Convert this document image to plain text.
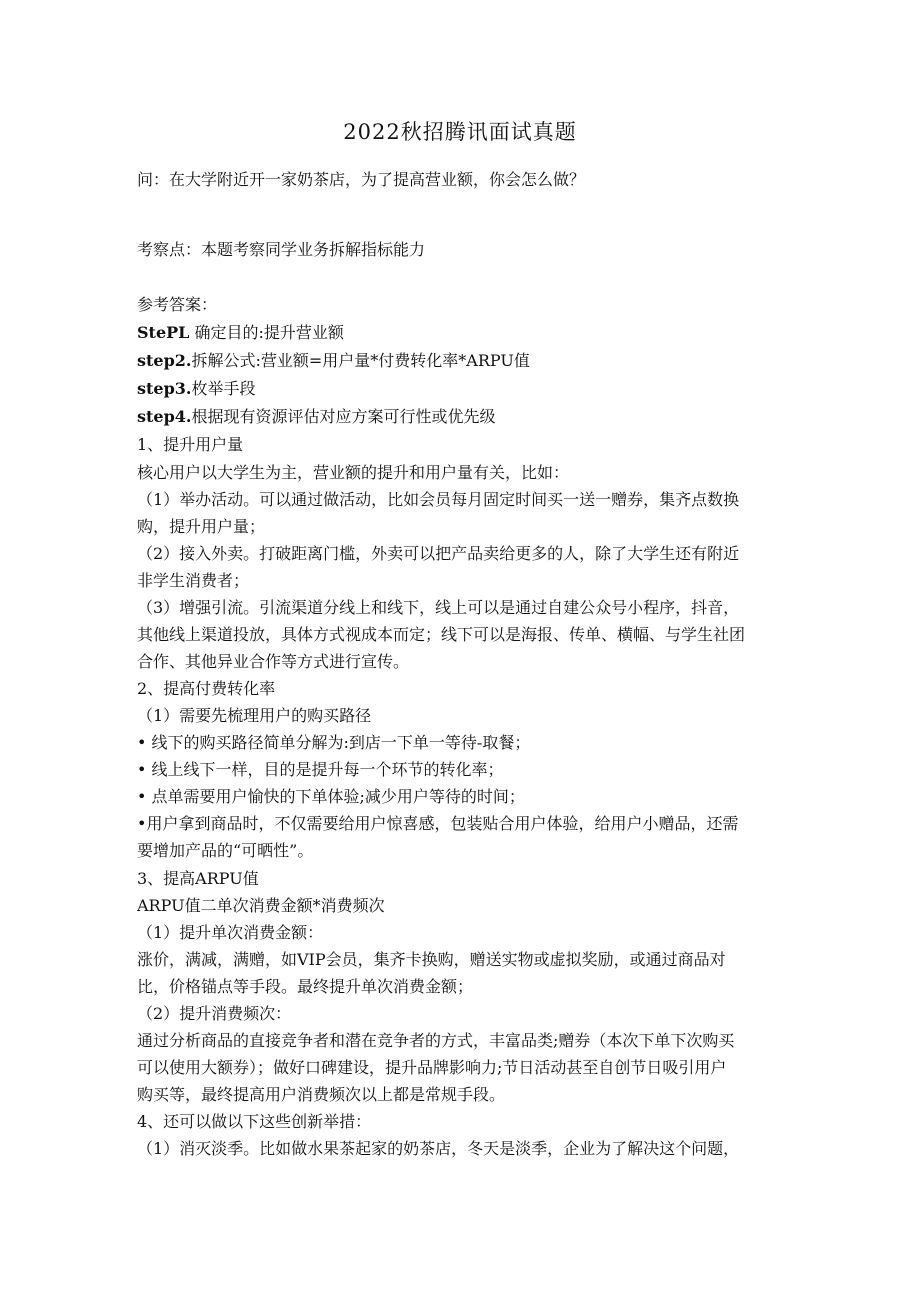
2022秋招腾讯面试真题
问：在大学附近开一家奶茶店，为了提高营业额，你会怎么做？
考察点：本题考察同学业务拆解指标能力
参考答案：
StePL 确定目的:提升营业额
step2.拆解公式:营业额=用户量*付费转化率*ARPU值
step3.枚举手段
step4.根据现有资源评估对应方案可行性或优先级
1、提升用户量
核心用户以大学生为主，营业额的提升和用户量有关，比如：
（1）举办活动。可以通过做活动，比如会员每月固定时间买一送一赠券，集齐点数换
购，提升用户量；
（2）接入外卖。打破距离门槛，外卖可以把产品卖给更多的人，除了大学生还有附近
非学生消费者；
（3）增强引流。引流渠道分线上和线下，线上可以是通过自建公众号小程序，抖音，
其他线上渠道投放，具体方式视成本而定；线下可以是海报、传单、横幅、与学生社团
合作、其他异业合作等方式进行宣传。
2、提高付费转化率
（1）需要先梳理用户的购买路径
• 线下的购买路径简单分解为:到店一下单一等待-取餐；
• 线上线下一样，目的是提升每一个环节的转化率；
• 点单需要用户愉快的下单体验;减少用户等待的时间；
•用户拿到商品时，不仅需要给用户惊喜感，包装贴合用户体验，给用户小赠品，还需
要增加产品的“可晒性”。
3、提高ARPU值
ARPU值二单次消费金额*消费频次
（1）提升单次消费金额：
涨价，满减，满赠，如VIP会员，集齐卡换购，赠送实物或虚拟奖励，或通过商品对
比，价格锚点等手段。最终提升单次消费金额；
（2）提升消费频次：
通过分析商品的直接竞争者和潜在竞争者的方式，丰富品类;赠券（本次下单下次购买
可以使用大额券）；做好口碑建设，提升品牌影响力;节日活动甚至自创节日吸引用户
购买等，最终提高用户消费频次以上都是常规手段。
4、还可以做以下这些创新举措：
（1）消灭淡季。比如做水果茶起家的奶茶店，冬天是淡季，企业为了解决这个问题，
